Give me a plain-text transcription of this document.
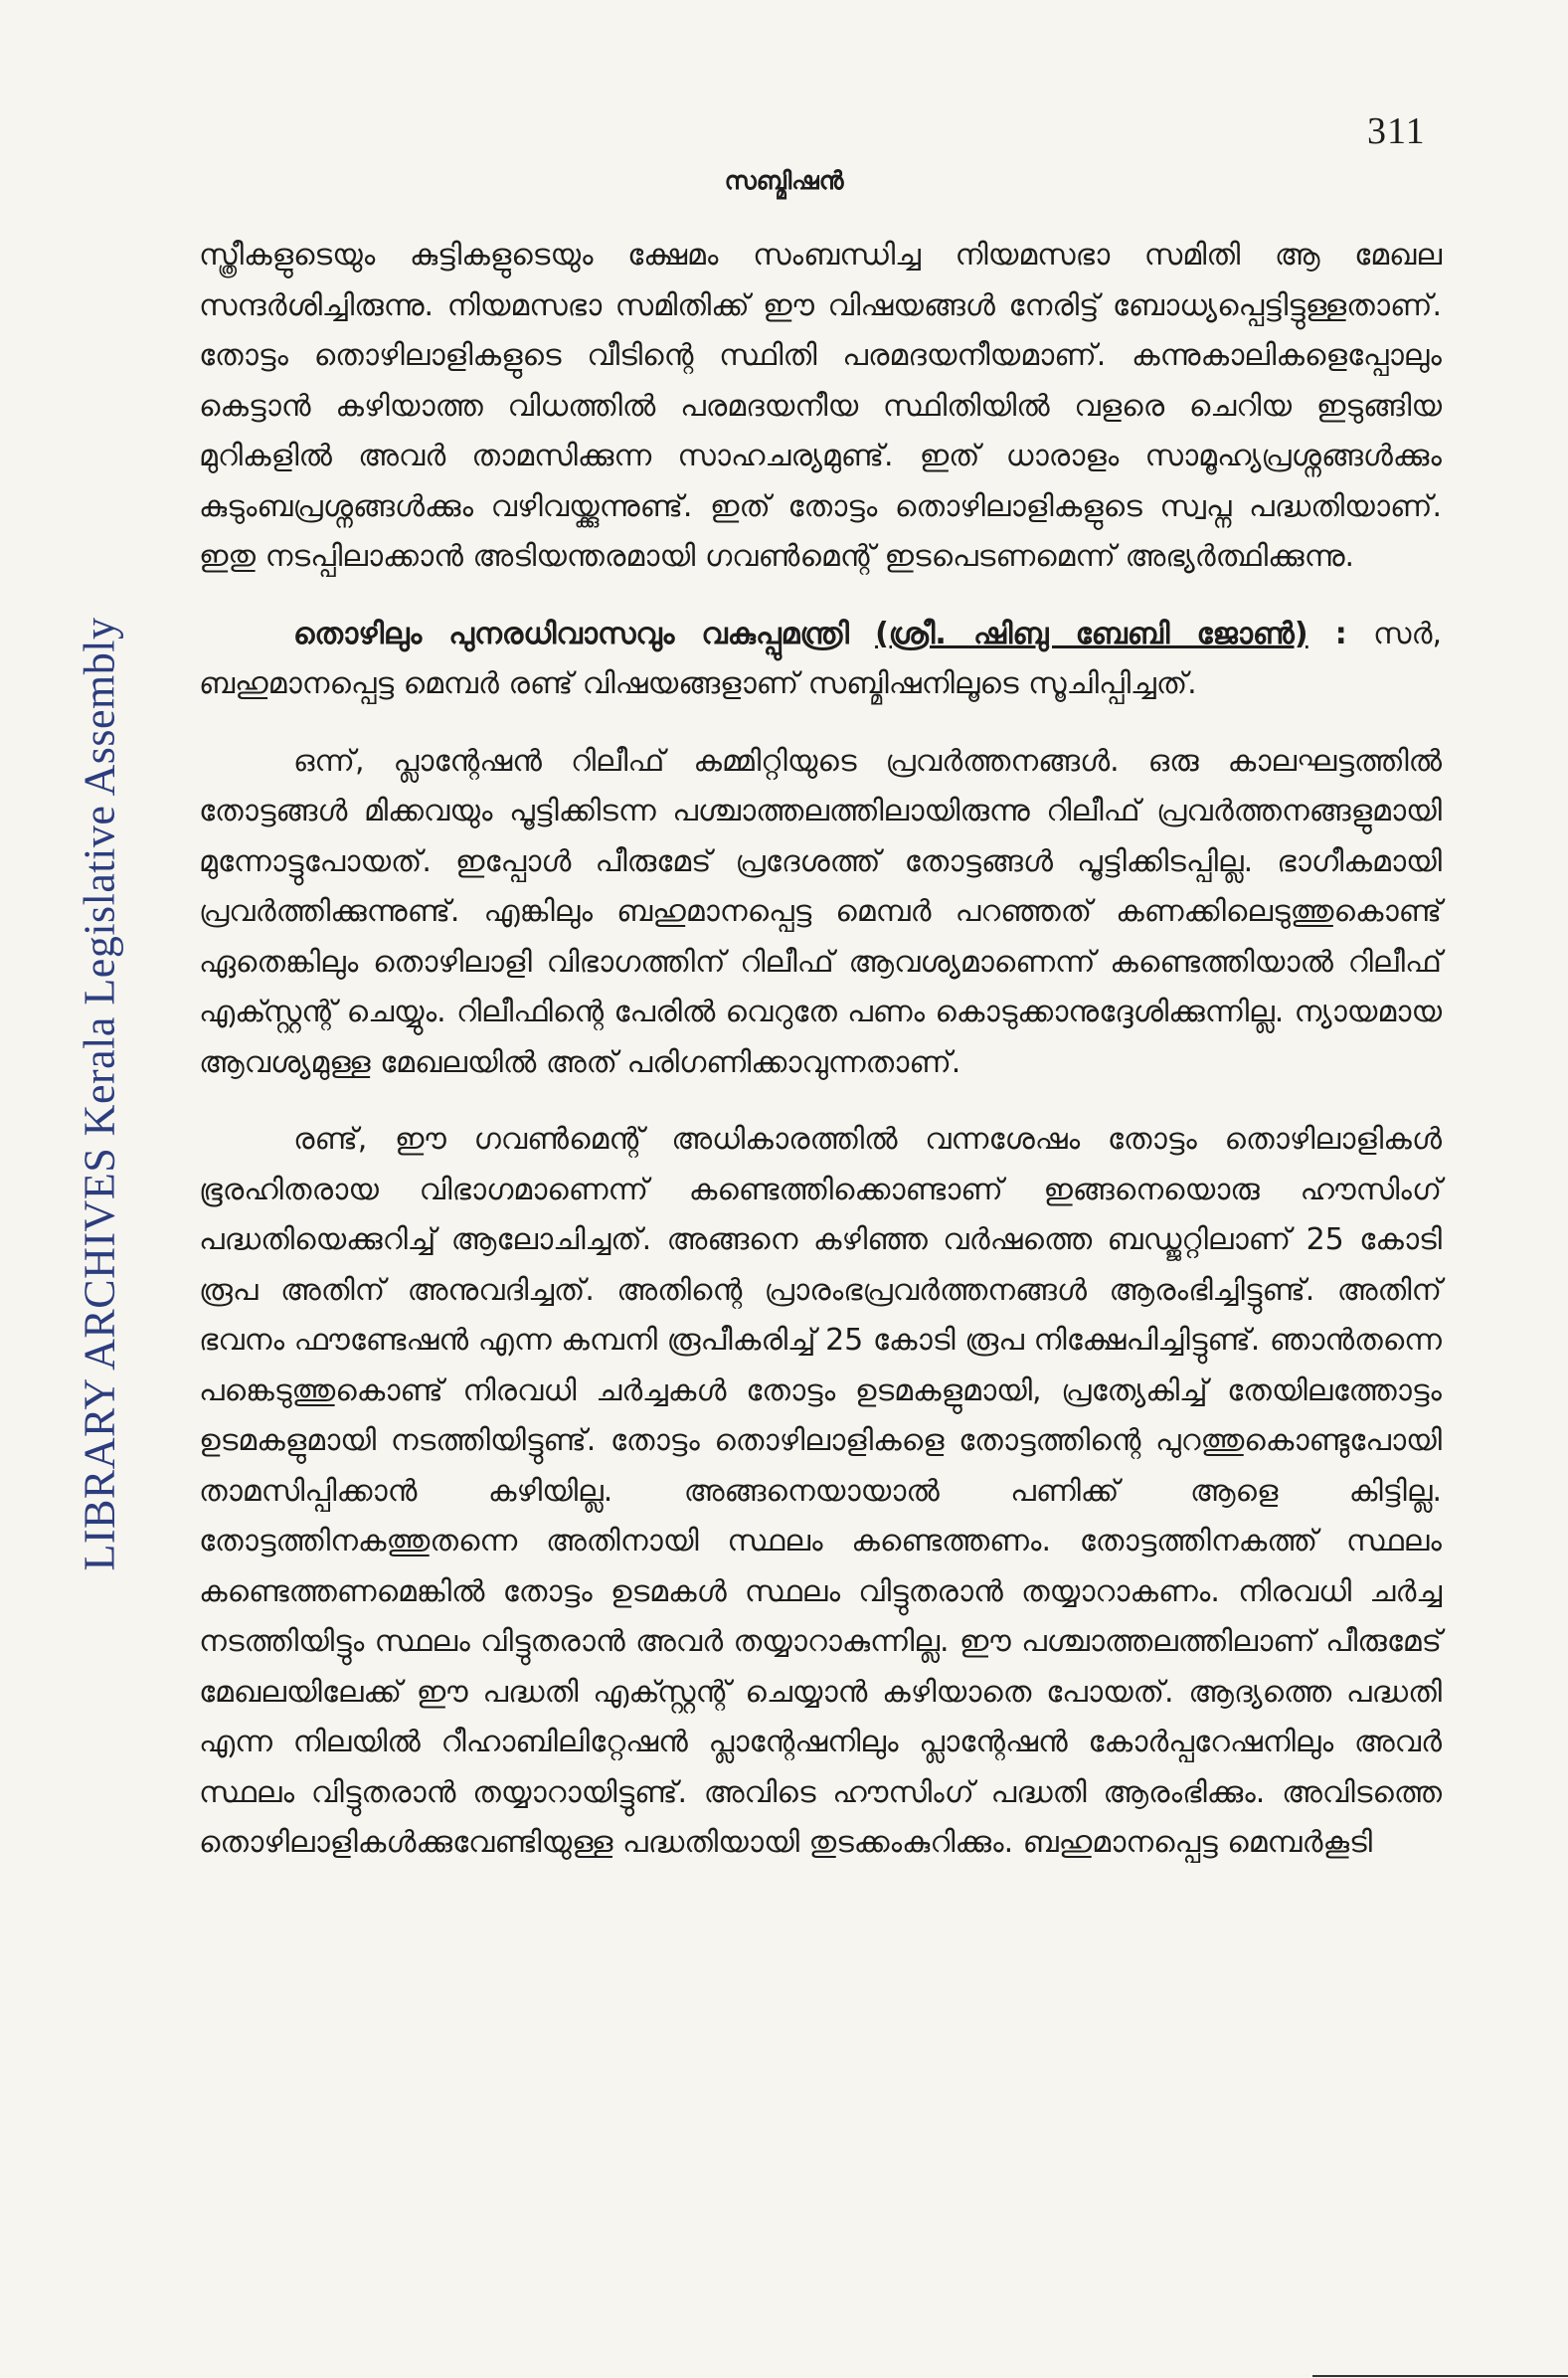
311
സബ്മിഷൻ
LIBRARY ARCHIVES Kerala Legislative Assembly

സ്ത്രീകളുടെയും കുട്ടികളുടെയും ക്ഷേമം സംബന്ധിച്ച നിയമസഭാ സമിതി ആ മേഖല സന്ദർശിച്ചിരുന്നു. നിയമസഭാ സമിതിക്ക് ഈ വിഷയങ്ങൾ നേരിട്ട് ബോധ്യപ്പെട്ടിട്ടുള്ളതാണ്. തോട്ടം തൊഴിലാളികളുടെ വീടിന്റെ സ്ഥിതി പരമദയനീയമാണ്. കന്നുകാലികളെപ്പോലും കെട്ടാൻ കഴിയാത്ത വിധത്തിൽ പരമദയനീയ സ്ഥിതിയിൽ വളരെ ചെറിയ ഇടുങ്ങിയ മുറികളിൽ അവർ താമസിക്കുന്ന സാഹചര്യമുണ്ട്. ഇത് ധാരാളം സാമൂഹ്യപ്രശ്നങ്ങൾക്കും കുടുംബപ്രശ്നങ്ങൾക്കും വഴിവയ്ക്കുന്നുണ്ട്. ഇത് തോട്ടം തൊഴിലാളികളുടെ സ്വപ്ന പദ്ധതിയാണ്. ഇതു നടപ്പിലാക്കാൻ അടിയന്തരമായി ഗവൺമെന്റ് ഇടപെടണമെന്ന് അഭ്യർത്ഥിക്കുന്നു.

തൊഴിലും പുനരധിവാസവും വകുപ്പുമന്ത്രി (ശ്രീ. ഷിബു ബേബി ജോൺ) : സർ, ബഹുമാനപ്പെട്ട മെമ്പർ രണ്ട് വിഷയങ്ങളാണ് സബ്മിഷനിലൂടെ സൂചിപ്പിച്ചത്.

ഒന്ന്, പ്ലാന്റേഷൻ റിലീഫ് കമ്മിറ്റിയുടെ പ്രവർത്തനങ്ങൾ. ഒരു കാലഘട്ടത്തിൽ തോട്ടങ്ങൾ മിക്കവയും പൂട്ടിക്കിടന്ന പശ്ചാത്തലത്തിലായിരുന്നു റിലീഫ് പ്രവർത്തനങ്ങളുമായി മുന്നോട്ടുപോയത്. ഇപ്പോൾ പീരുമേട് പ്രദേശത്ത് തോട്ടങ്ങൾ പൂട്ടിക്കിടപ്പില്ല. ഭാഗീകമായി പ്രവർത്തിക്കുന്നുണ്ട്. എങ്കിലും ബഹുമാനപ്പെട്ട മെമ്പർ പറഞ്ഞത് കണക്കിലെടുത്തുകൊണ്ട് ഏതെങ്കിലും തൊഴിലാളി വിഭാഗത്തിന് റിലീഫ് ആവശ്യമാണെന്ന് കണ്ടെത്തിയാൽ റിലീഫ് എക്സ്റ്റന്റ് ചെയ്യും. റിലീഫിന്റെ പേരിൽ വെറുതേ പണം കൊടുക്കാനുദ്ദേശിക്കുന്നില്ല. ന്യായമായ ആവശ്യമുള്ള മേഖലയിൽ അത് പരിഗണിക്കാവുന്നതാണ്.

രണ്ട്, ഈ ഗവൺമെന്റ് അധികാരത്തിൽ വന്നശേഷം തോട്ടം തൊഴിലാളികൾ ഭൂരഹിതരായ വിഭാഗമാണെന്ന് കണ്ടെത്തിക്കൊണ്ടാണ് ഇങ്ങനെയൊരു ഹൗസിംഗ് പദ്ധതിയെക്കുറിച്ച് ആലോചിച്ചത്. അങ്ങനെ കഴിഞ്ഞ വർഷത്തെ ബഡ്ജറ്റിലാണ് 25 കോടി രൂപ അതിന് അനുവദിച്ചത്. അതിന്റെ പ്രാരംഭപ്രവർത്തനങ്ങൾ ആരംഭിച്ചിട്ടുണ്ട്. അതിന് ഭവനം ഫൗണ്ടേഷൻ എന്ന കമ്പനി രൂപീകരിച്ച് 25 കോടി രൂപ നിക്ഷേപിച്ചിട്ടുണ്ട്. ഞാൻതന്നെ പങ്കെടുത്തുകൊണ്ട് നിരവധി ചർച്ചകൾ തോട്ടം ഉടമകളുമായി, പ്രത്യേകിച്ച് തേയിലത്തോട്ടം ഉടമകളുമായി നടത്തിയിട്ടുണ്ട്. തോട്ടം തൊഴിലാളികളെ തോട്ടത്തിന്റെ പുറത്തുകൊണ്ടുപോയി താമസിപ്പിക്കാൻ കഴിയില്ല. അങ്ങനെയായാൽ പണിക്ക് ആളെ കിട്ടില്ല. തോട്ടത്തിനകത്തുതന്നെ അതിനായി സ്ഥലം കണ്ടെത്തണം. തോട്ടത്തിനകത്ത് സ്ഥലം കണ്ടെത്തണമെങ്കിൽ തോട്ടം ഉടമകൾ സ്ഥലം വിട്ടുതരാൻ തയ്യാറാകണം. നിരവധി ചർച്ച നടത്തിയിട്ടും സ്ഥലം വിട്ടുതരാൻ അവർ തയ്യാറാകുന്നില്ല. ഈ പശ്ചാത്തലത്തിലാണ് പീരുമേട് മേഖലയിലേക്ക് ഈ പദ്ധതി എക്സ്റ്റന്റ് ചെയ്യാൻ കഴിയാതെ പോയത്. ആദ്യത്തെ പദ്ധതി എന്ന നിലയിൽ റീഹാബിലിറ്റേഷൻ പ്ലാന്റേഷനിലും പ്ലാന്റേഷൻ കോർപ്പറേഷനിലും അവർ സ്ഥലം വിട്ടുതരാൻ തയ്യാറായിട്ടുണ്ട്. അവിടെ ഹൗസിംഗ് പദ്ധതി ആരംഭിക്കും. അവിടത്തെ തൊഴിലാളികൾക്കുവേണ്ടിയുള്ള പദ്ധതിയായി തുടക്കംകുറിക്കും. ബഹുമാനപ്പെട്ട മെമ്പർകൂടി
